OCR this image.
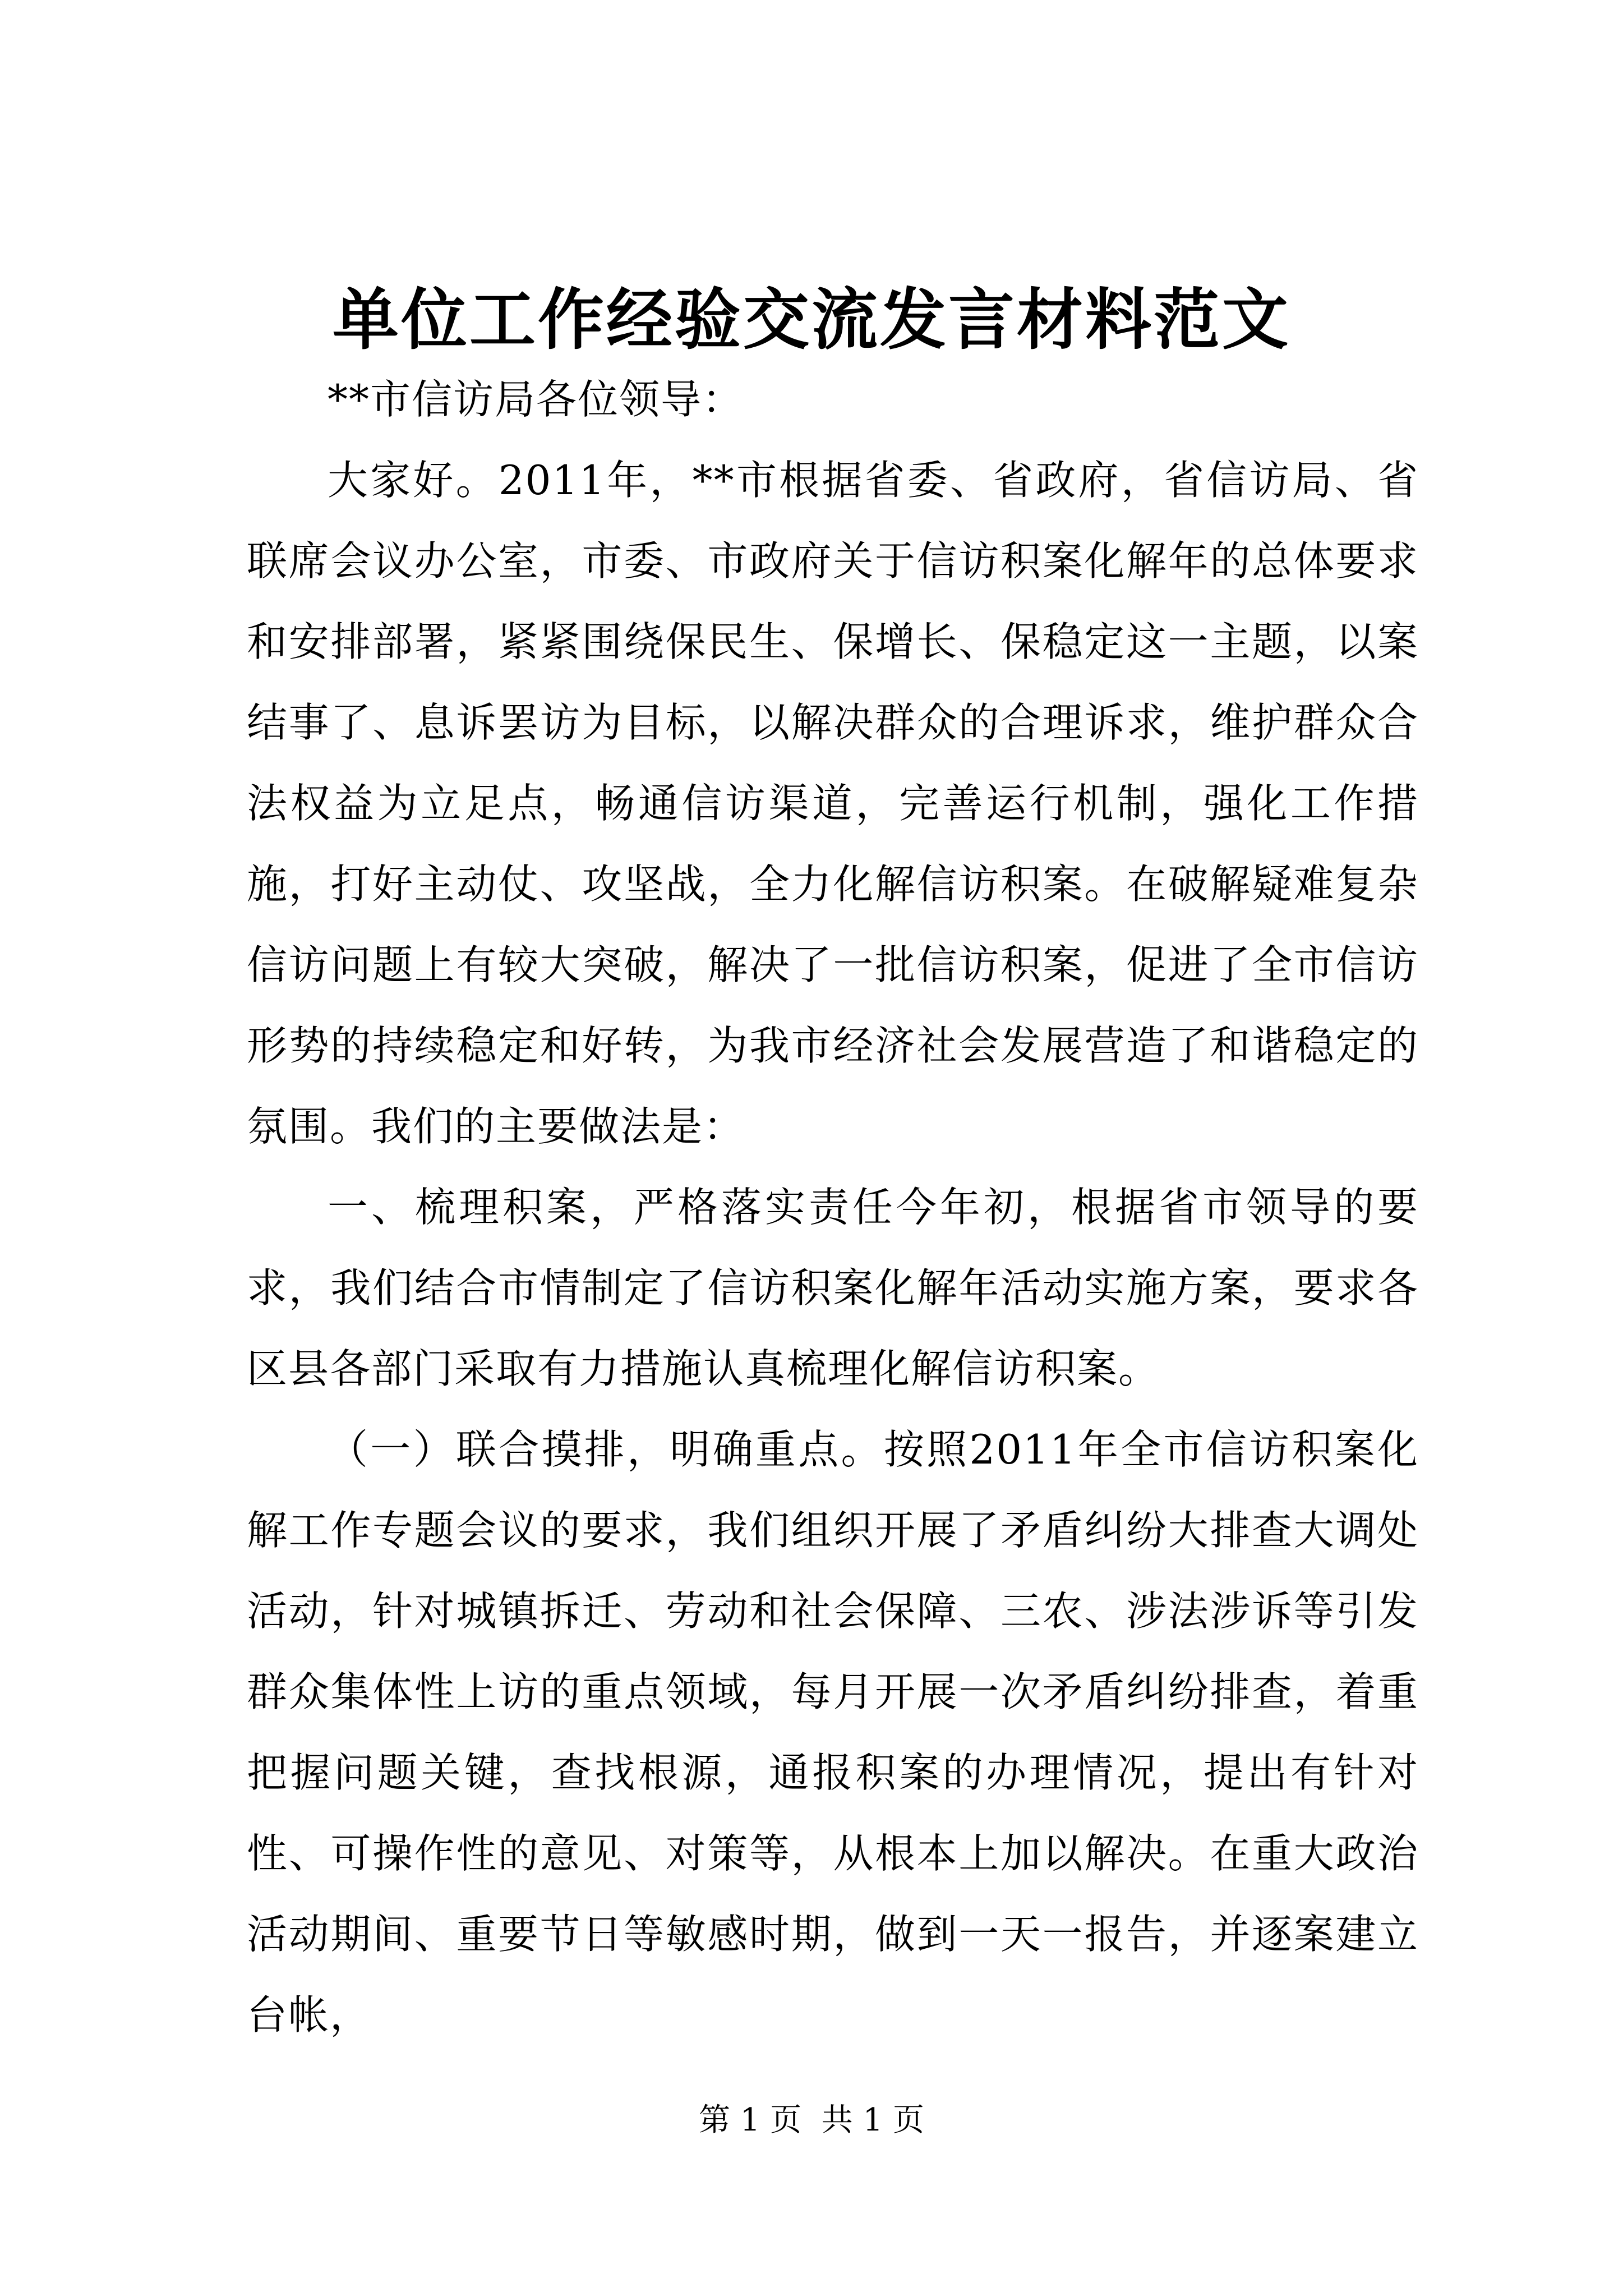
单位工作经验交流发言材料范文

**市信访局各位领导：

大家好。2011年，**市根据省委、省政府，省信访局、省联席会议办公室，市委、市政府关于信访积案化解年的总体要求和安排部署，紧紧围绕保民生、保增长、保稳定这一主题，以案结事了、息诉罢访为目标，以解决群众的合理诉求，维护群众合法权益为立足点，畅通信访渠道，完善运行机制，强化工作措施，打好主动仗、攻坚战，全力化解信访积案。在破解疑难复杂信访问题上有较大突破，解决了一批信访积案，促进了全市信访形势的持续稳定和好转，为我市经济社会发展营造了和谐稳定的氛围。我们的主要做法是：

一、梳理积案，严格落实责任今年初，根据省市领导的要求，我们结合市情制定了信访积案化解年活动实施方案，要求各区县各部门采取有力措施认真梳理化解信访积案。

（一）联合摸排，明确重点。按照2011年全市信访积案化解工作专题会议的要求，我们组织开展了矛盾纠纷大排查大调处活动，针对城镇拆迁、劳动和社会保障、三农、涉法涉诉等引发群众集体性上访的重点领域，每月开展一次矛盾纠纷排查，着重把握问题关键，查找根源，通报积案的办理情况，提出有针对性、可操作性的意见、对策等，从根本上加以解决。在重大政治活动期间、重要节日等敏感时期，做到一天一报告，并逐案建立台帐，

第 1 页  共 1 页
